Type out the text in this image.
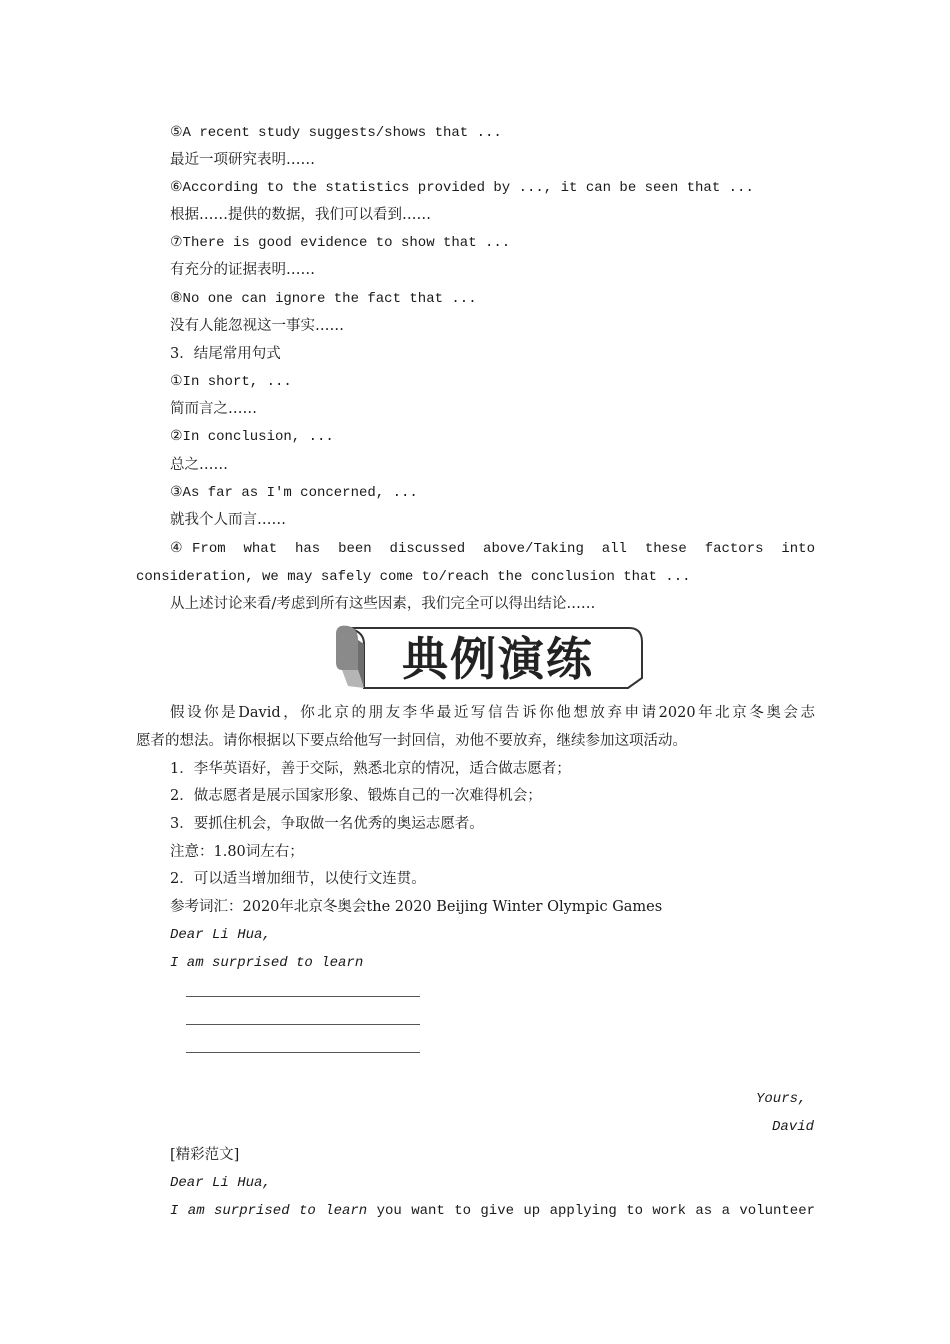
⑤A recent study suggests/shows that ...
最近一项研究表明……
⑥According to the statistics provided by ..., it can be seen that ...
根据……提供的数据，我们可以看到……
⑦There is good evidence to show that ...
有充分的证据表明……
⑧No one can ignore the fact that ...
没有人能忽视这一事实……
3．结尾常用句式
①In short, ...
简而言之……
②In conclusion, ...
总之……
③As far as I'm concerned, ...
就我个人而言……
④From what has been discussed above/Taking all these factors into
consideration, we may safely come to/reach the conclusion that ...
从上述讨论来看/考虑到所有这些因素，我们完全可以得出结论……
典例演练
假设你是David，你北京的朋友李华最近写信告诉你他想放弃申请2020年北京冬奥会志
愿者的想法。请你根据以下要点给他写一封回信，劝他不要放弃，继续参加这项活动。
1．李华英语好，善于交际，熟悉北京的情况，适合做志愿者；
2．做志愿者是展示国家形象、锻炼自己的一次难得机会；
3．要抓住机会，争取做一名优秀的奥运志愿者。
注意：1.80词左右；
2．可以适当增加细节，以使行文连贯。
参考词汇：2020年北京冬奥会the 2020 Beijing Winter Olympic Games
Dear Li Hua,
I am surprised to learn
Yours,
David
[精彩范文]
Dear Li Hua,
I am surprised to learn you want to give up applying to work as a volunteer
